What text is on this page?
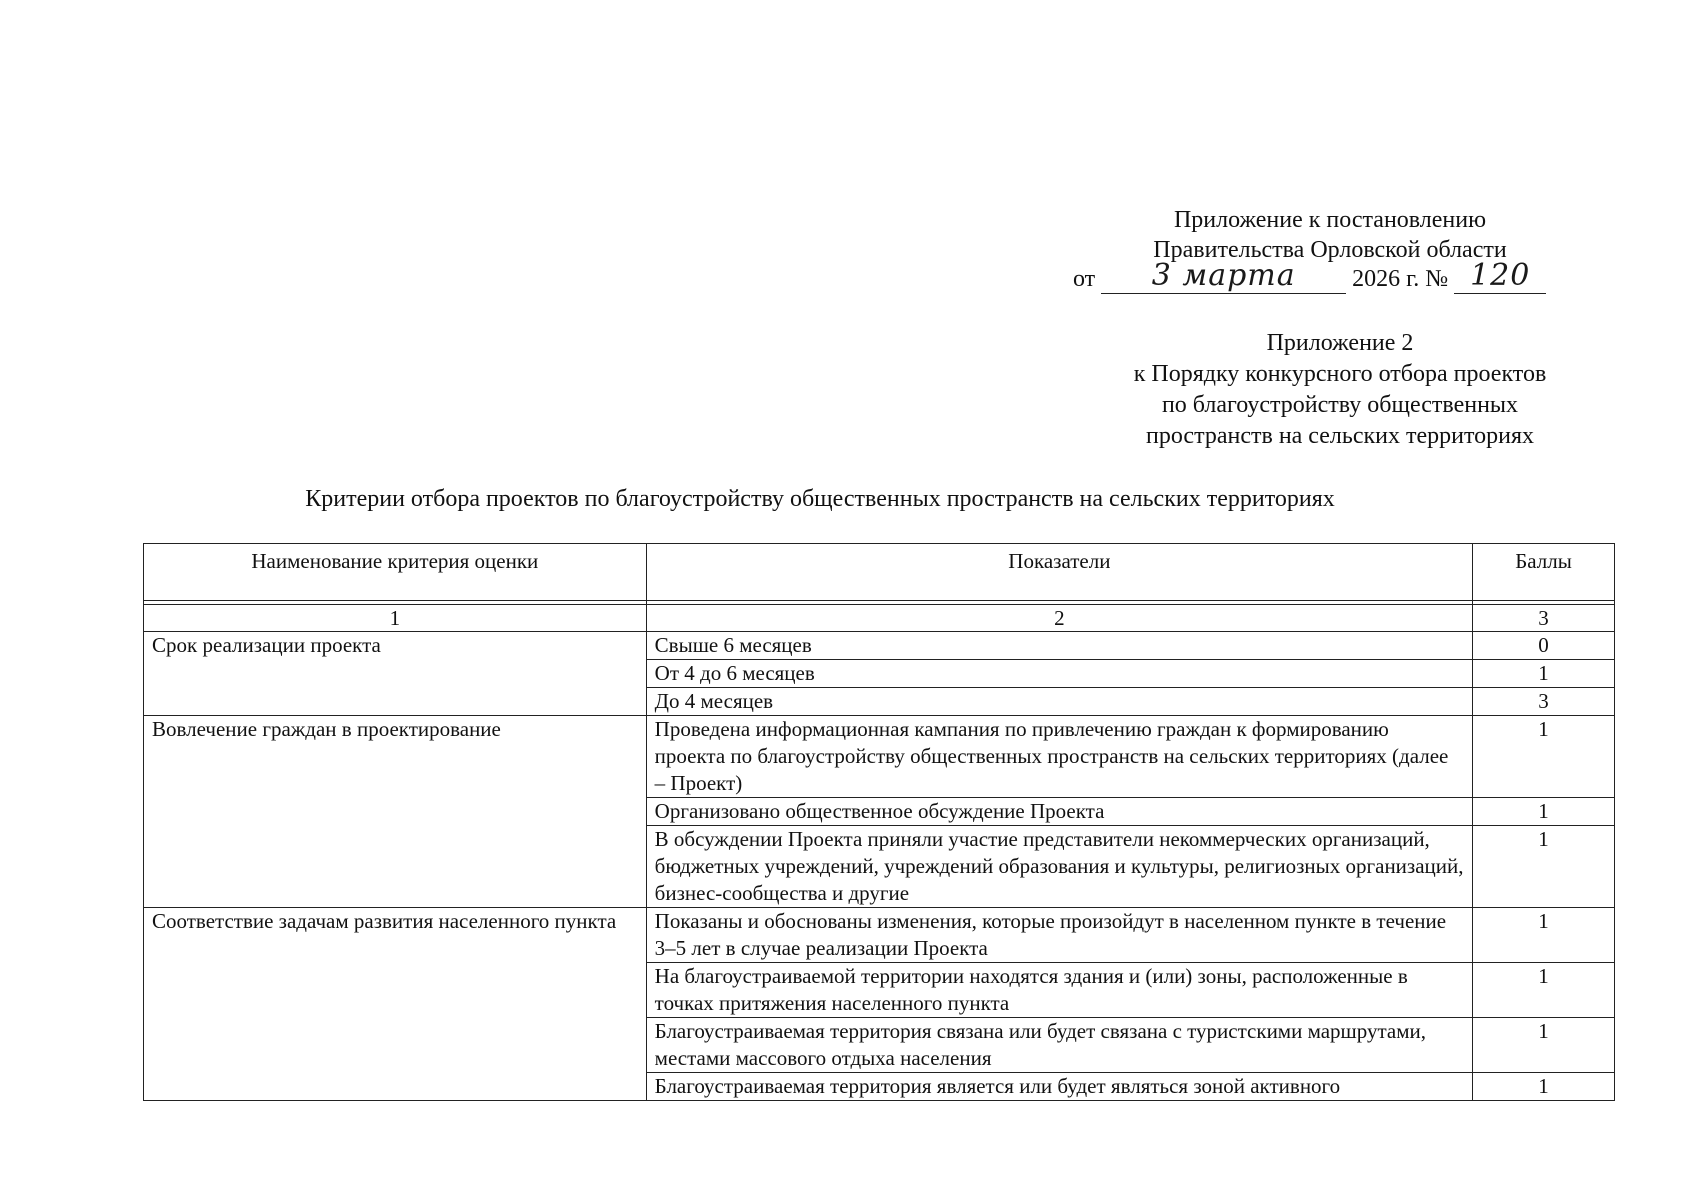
Приложение к постановлению
Правительства Орловской области
от	3 марта	2026 г. № 120
Приложение 2
к Порядку конкурсного отбора проектов
по благоустройству общественных
пространств на сельских территориях
Критерии отбора проектов по благоустройству общественных пространств на сельских территориях
Наименование критерия оценки	Показатели	Баллы

1	2	3
Срок реализации проекта	Свыше 6 месяцев	0
	От 4 до 6 месяцев	1
	До 4 месяцев	3
Вовлечение граждан в проектирование	Проведена информационная кампания по привлечению граждан к формированию проекта по благоустройству общественных пространств на сельских территориях (далее – Проект)	1
	Организовано общественное обсуждение Проекта	1
	В обсуждении Проекта приняли участие представители некоммерческих организаций, бюджетных учреждений, учреждений образования и культуры, религиозных организаций, бизнес-сообщества и другие	1
Соответствие задачам развития населенного пункта	Показаны и обоснованы изменения, которые произойдут в населенном пункте в течение 3–5 лет в случае реализации Проекта	1
	На благоустраиваемой территории находятся здания и (или) зоны, расположенные в точках притяжения населенного пункта	1
	Благоустраиваемая территория связана или будет связана с туристскими маршрутами, местами массового отдыха населения	1
	Благоустраиваемая территория является или будет являться зоной активного	1
